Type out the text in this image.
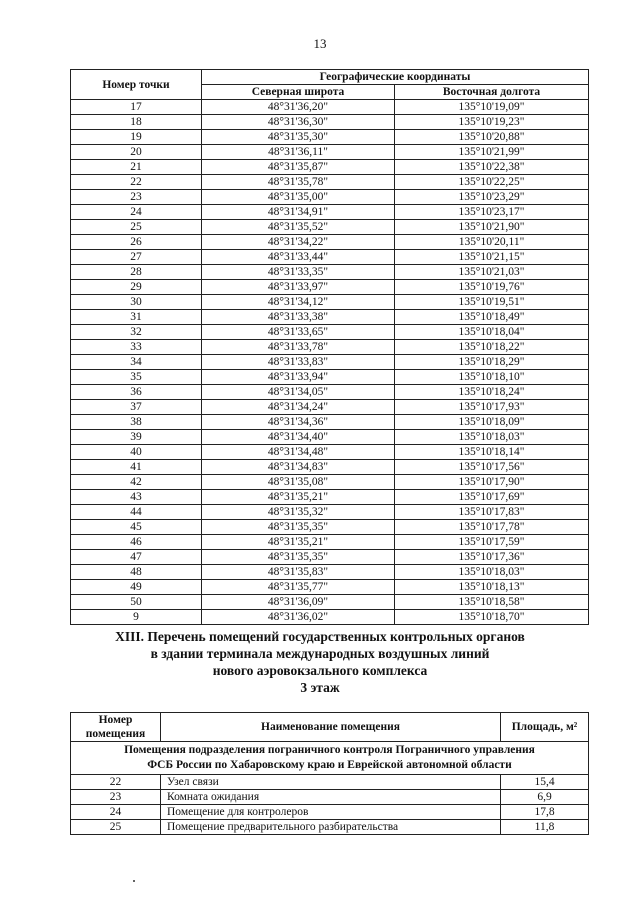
13
Номер точки	Географические координаты	
	Северная широта	Восточная долгота
17	48°31'36,20"	135°10'19,09"
18	48°31'36,30"	135°10'19,23"
19	48°31'35,30"	135°10'20,88"
20	48°31'36,11"	135°10'21,99"
21	48°31'35,87"	135°10'22,38"
22	48°31'35,78"	135°10'22,25"
23	48°31'35,00"	135°10'23,29"
24	48°31'34,91"	135°10'23,17"
25	48°31'35,52"	135°10'21,90"
26	48°31'34,22"	135°10'20,11"
27	48°31'33,44"	135°10'21,15"
28	48°31'33,35"	135°10'21,03"
29	48°31'33,97"	135°10'19,76"
30	48°31'34,12"	135°10'19,51"
31	48°31'33,38"	135°10'18,49"
32	48°31'33,65"	135°10'18,04"
33	48°31'33,78"	135°10'18,22"
34	48°31'33,83"	135°10'18,29"
35	48°31'33,94"	135°10'18,10"
36	48°31'34,05"	135°10'18,24"
37	48°31'34,24"	135°10'17,93"
38	48°31'34,36"	135°10'18,09"
39	48°31'34,40"	135°10'18,03"
40	48°31'34,48"	135°10'18,14"
41	48°31'34,83"	135°10'17,56"
42	48°31'35,08"	135°10'17,90"
43	48°31'35,21"	135°10'17,69"
44	48°31'35,32"	135°10'17,83"
45	48°31'35,35"	135°10'17,78"
46	48°31'35,21"	135°10'17,59"
47	48°31'35,35"	135°10'17,36"
48	48°31'35,83"	135°10'18,03"
49	48°31'35,77"	135°10'18,13"
50	48°31'36,09"	135°10'18,58"
9	48°31'36,02"	135°10'18,70"
XIII. Перечень помещений государственных контрольных органов
в здании терминала международных воздушных линий
нового аэровокзального комплекса
3 этаж
Номер
помещения	Наименование помещения	Площадь, м²

Помещения подразделения пограничного контроля Пограничного управления
ФСБ России по Хабаровскому краю и Еврейской автономной области		

22	Узел связи	15,4
23	Комната ожидания	6,9
24	Помещение для контролеров	17,8
25	Помещение предварительного разбирательства	11,8
